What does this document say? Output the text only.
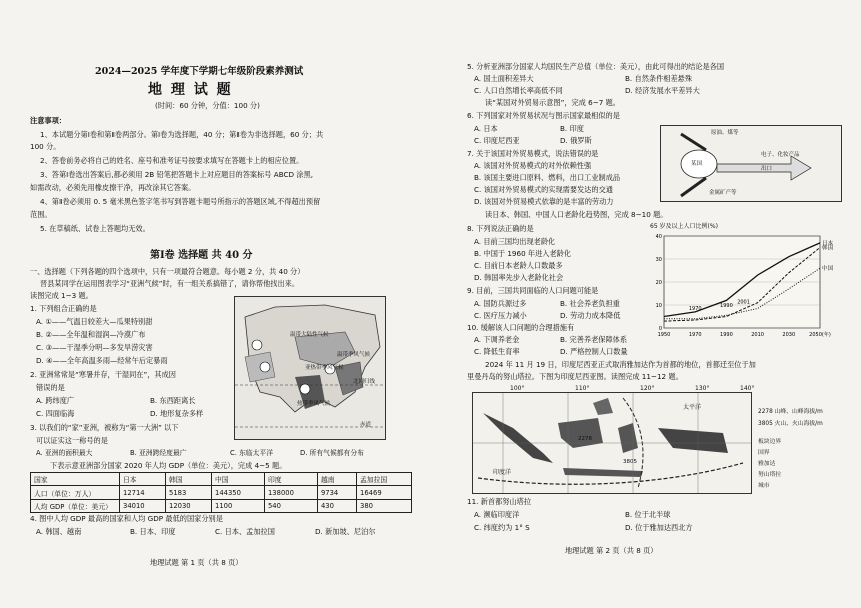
2024—2025 学年度下学期七年级阶段素养测试
地 理 试 题
(时间：60 分钟，分值：100 分)
注意事项：
1、本试题分第Ⅰ卷和第Ⅱ卷两部分。第Ⅰ卷为选择题，40 分；第Ⅱ卷为非选择题，60 分；共
100 分。
2、答卷前务必将自己的姓名、座号和准考证号按要求填写在答题卡上的相应位置。
3、答第Ⅰ卷选出答案后,都必须用 2B 铅笔把答题卡上对应题目的答案标号 ABCD 涂黑,
如需改动，必须先用橡皮擦干净，再改涂其它答案。
4、第Ⅱ卷必须用 0. 5 毫米黑色签字笔书写到答题卡题号所指示的答题区域,不得超出预留
范围。
5. 在草稿纸、试卷上答题均无效。
第Ⅰ卷 选择题 共 40 分
一、选择题（下列各题的四个选项中，只有一项最符合题意。每小题 2 分，共 40 分）
晋县某同学在运用图表学习“亚洲气候”时，有一组关系搞错了，请你帮他找出来。
读图完成 1~3 题。
1. 下列组合正确的是
A. ①——气温日较差大—瓜果特别甜
B. ②——全年温和湿润—冷漠广布
C. ③——干湿季分明—多发旱涝灾害
D. ④——全年高温多雨—经常午后定暴雨
2. 亚洲常常是“寒暑并存，干湿同在”，其成因
错误的是
A. 跨纬度广	B. 东西距离长
C. 四面临海	D. 地形复杂多样
3. 以我们的“家”亚洲，被称为“第一大洲” 以下
可以证实这一称号的是
A. 亚洲的面积最大	B. 亚洲跨经度最广	C. 东临太平洋	D. 所有气候都有分布
下表示意亚洲部分国家 2020 年人均 GDP（单位：美元），完成 4~5 题。
国家	日本	韩国	中国	印度	越南	孟加拉国
人口（单位：万人）	12714	5183	144350	138000	9734	16469
人均 GDP（单位：美元）	34010	12030	1100	540	430	380
4. 图中人均 GDP 最高的国家和人均 GDP 最低的国家分别是
A. 韩国、越南	B. 日本、印度	C. 日本、孟加拉国	D. 新加坡、尼泊尔
地理试题 第 1 页（共 8 页）
温带大陆性气候
温带季风气候
亚热带季风气候
热带季风气候
北回归线
赤道
5. 分析亚洲部分国家人均国民生产总值（单位：美元），由此可得出的结论是各国
A. 国土面积差异大	B. 自然条件相差悬殊
C. 人口自然增长率高低不同	D. 经济发展水平差异大
读“某国对外贸易示意图”，完成 6~7 题。
6. 下列国家对外贸易状况与图示国家最相似的是
A. 日本	B. 印度
C. 印度尼西亚	D. 俄罗斯
7. 关于该国对外贸易模式，说法错误的是
A. 该国对外贸易模式的对外依赖性强
B. 该国主要进口原料、燃料，出口工业制成品
C. 该国对外贸易模式的实现需要发达的交通
D. 该国对外贸易模式依靠的是丰富的劳动力
读日本、韩国、中国人口老龄化趋势图，完成 8~10 题。
原油、煤等
某国
电子、化妆产品
出口
金属矿产等
8. 下列说法正确的是
A. 目前三国均出现老龄化
B. 中国于 1960 年进入老龄化
C. 目前日本老龄人口数最多
D. 韩国率先步入老龄化社会
9. 目前，三国共同面临的人口问题可能是
A. 国防兵源过多	B. 社会养老负担重
C. 医疗压力减小	D. 劳动力成本降低
10. 缓解该人口问题的合理措施有
A. 下调养老金	B. 完善养老保障体系
C. 降低生育率	D. 严格控制人口数量
65 岁及以上人口比例(%)
0
10
20
30
40
1950	1970	1990	2010	2030	2050(年)
日本
韩国
中国
1970
1990
2001
2024 年 11 月 19 日，印度尼西亚正式取消雅加达作为首都的地位，首都迁至位于加
里曼丹岛的努山塔拉。下图为印度尼西亚图。读图完成 11~12 题。
太平洋
印度洋
2278
3805
100°	110°	120°	130°	140°
2278 山峰、山峰海拔/m
3805 火山、火山海拔/m
板块边界
国界
雅加达
努山塔拉
城市
11. 新首都努山塔拉
A. 濒临印度洋	B. 位于北半球
C. 纬度约为 1° S	D. 位于雅加达西北方
地理试题 第 2 页（共 8 页）
